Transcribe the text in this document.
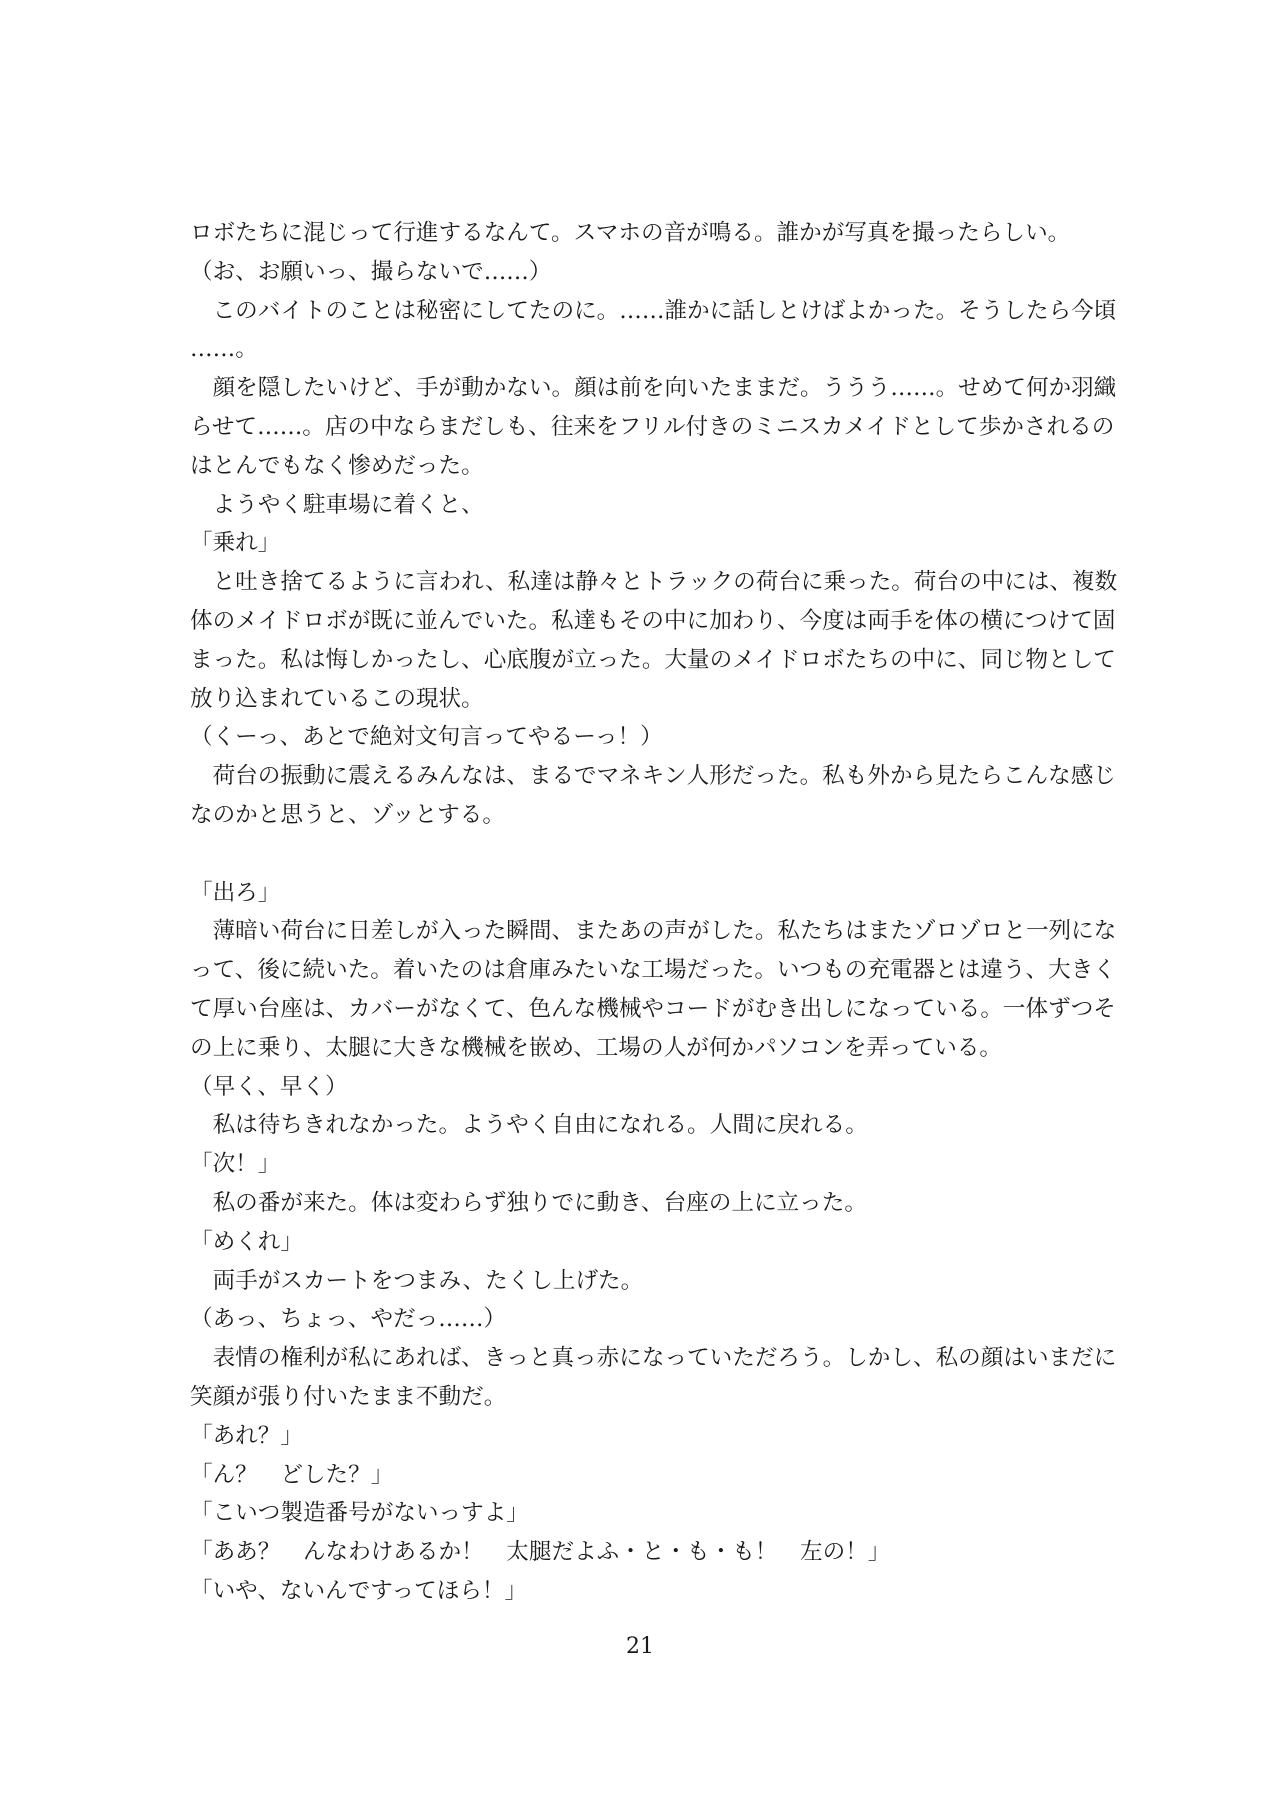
ロボたちに混じって行進するなんて。スマホの音が鳴る。誰かが写真を撮ったらしい。
（お、お願いっ、撮らないで……）
　このバイトのことは秘密にしてたのに。……誰かに話しとけばよかった。そうしたら今頃
……。
　顔を隠したいけど、手が動かない。顔は前を向いたままだ。ううう……。せめて何か羽織
らせて……。店の中ならまだしも、往来をフリル付きのミニスカメイドとして歩かされるの
はとんでもなく惨めだった。
　ようやく駐車場に着くと、
「乗れ」
　と吐き捨てるように言われ、私達は静々とトラックの荷台に乗った。荷台の中には、複数
体のメイドロボが既に並んでいた。私達もその中に加わり、今度は両手を体の横につけて固
まった。私は悔しかったし、心底腹が立った。大量のメイドロボたちの中に、同じ物として
放り込まれているこの現状。
（くーっ、あとで絶対文句言ってやるーっ！）
　荷台の振動に震えるみんなは、まるでマネキン人形だった。私も外から見たらこんな感じ
なのかと思うと、ゾッとする。
「出ろ」
　薄暗い荷台に日差しが入った瞬間、またあの声がした。私たちはまたゾロゾロと一列にな
って、後に続いた。着いたのは倉庫みたいな工場だった。いつもの充電器とは違う、大きく
て厚い台座は、カバーがなくて、色んな機械やコードがむき出しになっている。一体ずつそ
の上に乗り、太腿に大きな機械を嵌め、工場の人が何かパソコンを弄っている。
（早く、早く）
　私は待ちきれなかった。ようやく自由になれる。人間に戻れる。
「次！」
　私の番が来た。体は変わらず独りでに動き、台座の上に立った。
「めくれ」
　両手がスカートをつまみ、たくし上げた。
（あっ、ちょっ、やだっ……）
　表情の権利が私にあれば、きっと真っ赤になっていただろう。しかし、私の顔はいまだに
笑顔が張り付いたまま不動だ。
「あれ？」
「ん？　どした？」
「こいつ製造番号がないっすよ」
「ああ？　んなわけあるか！　太腿だよふ・と・も・も！　左の！」
「いや、ないんですってほら！」
21
